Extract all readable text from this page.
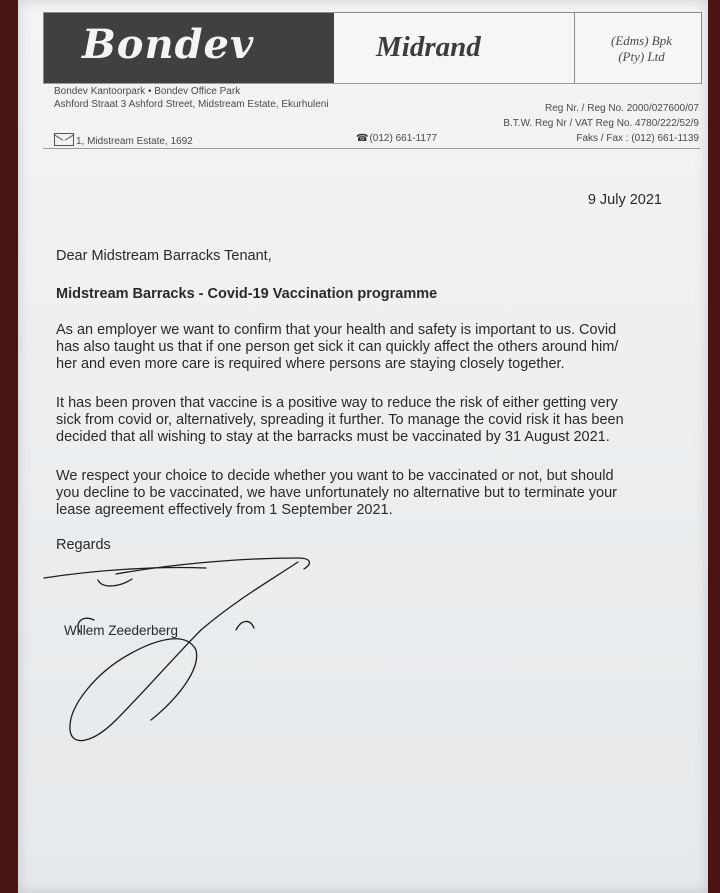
Bondev	Midrand	(Edms) Bpk
(Pty) Ltd
Bondev Kantoorpark • Bondev Office Park
Ashford Straat 3 Ashford Street, Midstream Estate, Ekurhuleni	Reg Nr. / Reg No. 2000/027600/07
B.T.W. Reg Nr / VAT Reg No. 4780/222/52/9
1, Midstream Estate, 1692	☎(012) 661-1177	Faks / Fax : (012) 661-1139
9 July 2021
Dear Midstream Barracks Tenant,
Midstream Barracks - Covid-19 Vaccination programme
As an employer we want to confirm that your health and safety is important to us. Covid
has also taught us that if one person get sick it can quickly affect the others around him/
her and even more care is required where persons are staying closely together.
It has been proven that vaccine is a positive way to reduce the risk of either getting very
sick from covid or, alternatively, spreading it further. To manage the covid risk it has been
decided that all wishing to stay at the barracks must be vaccinated by 31 August 2021.
We respect your choice to decide whether you want to be vaccinated or not, but should
you decline to be vaccinated, we have unfortunately no alternative but to terminate your
lease agreement effectively from 1 September 2021.
Regards
Willem Zeederberg
